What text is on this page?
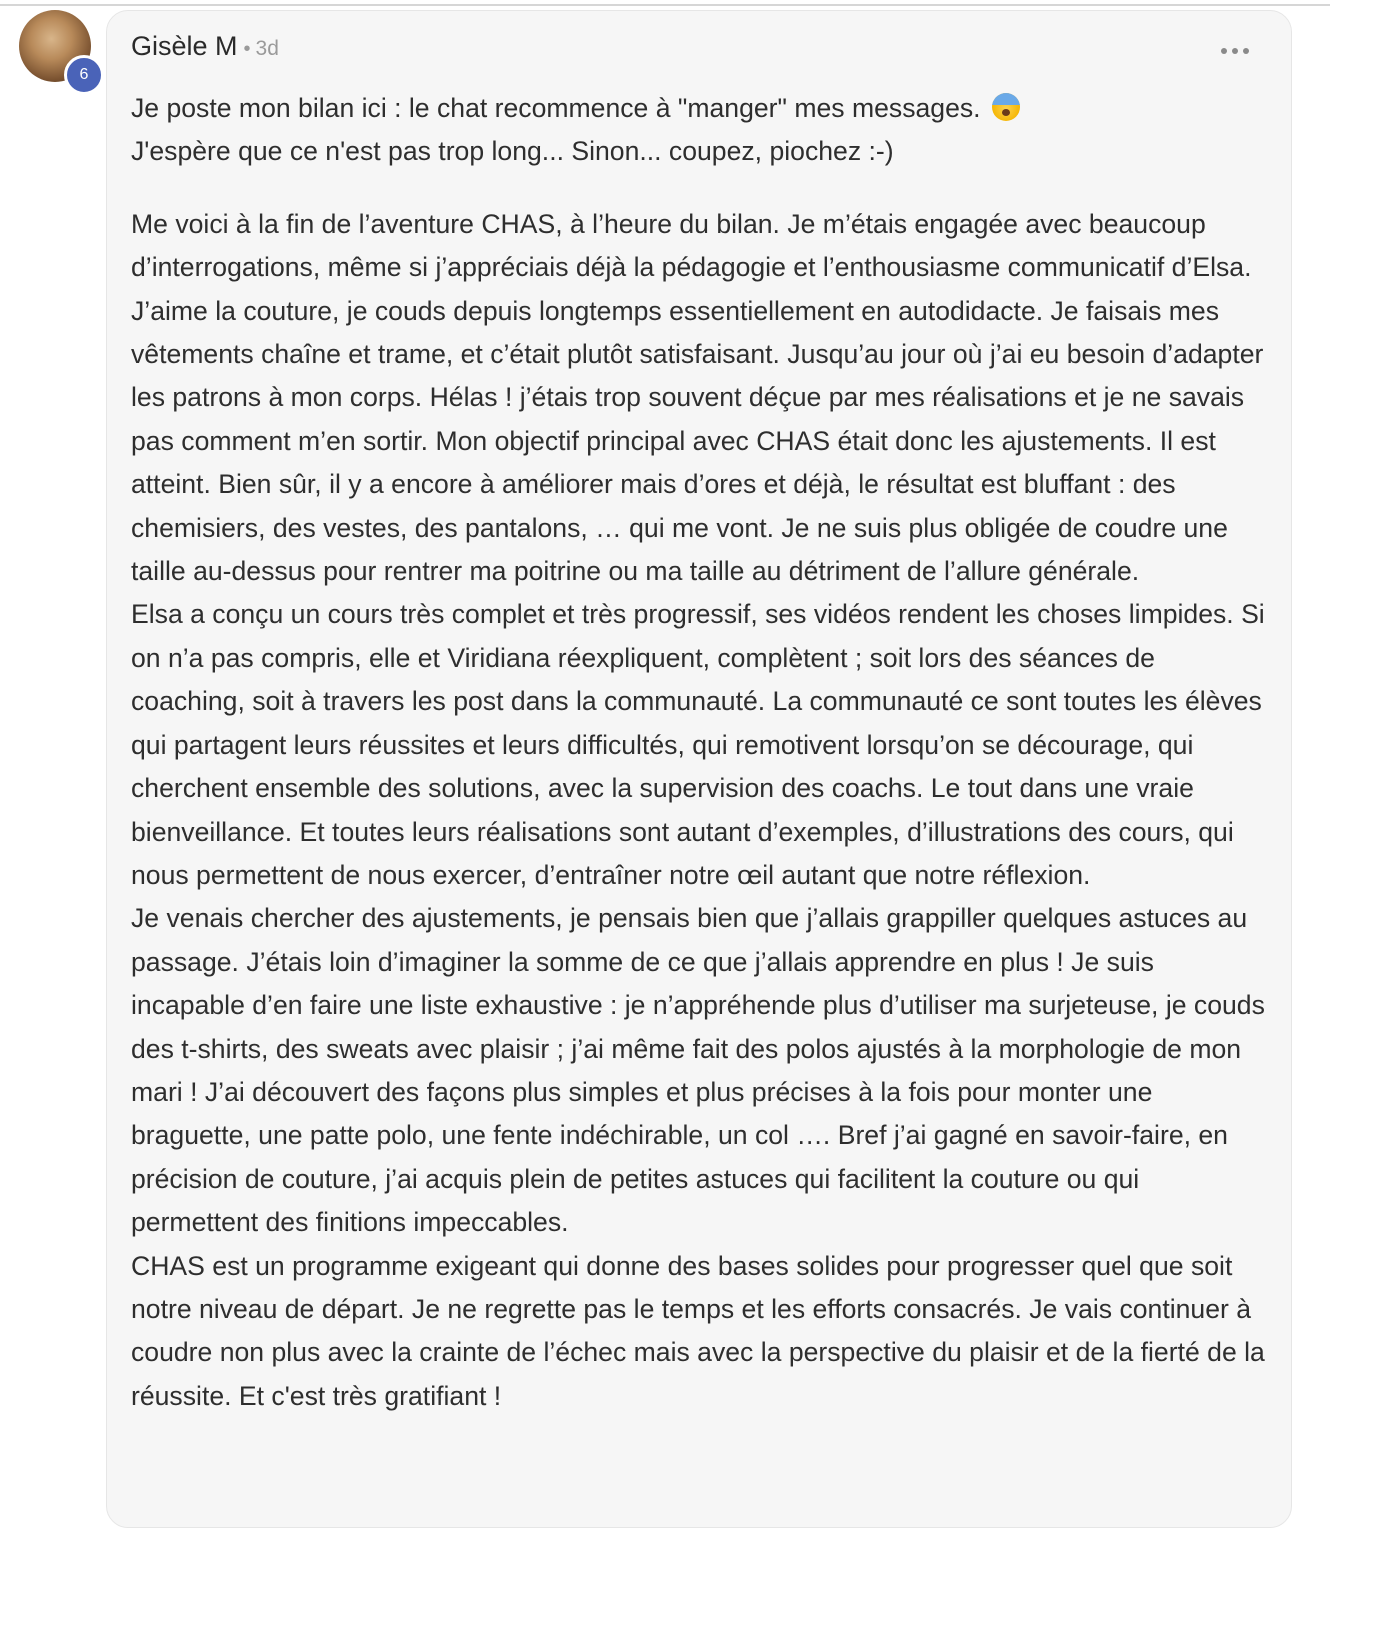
6
Gisèle M • 3d

Je poste mon bilan ici : le chat recommence à "manger" mes messages.

J'espère que ce n'est pas trop long... Sinon... coupez, piochez :-)

Me voici à la fin de l’aventure CHAS, à l’heure du bilan. Je m’étais engagée avec beaucoup d’interrogations, même si j’appréciais déjà la pédagogie et l’enthousiasme communicatif d’Elsa. J’aime la couture, je couds depuis longtemps essentiellement en autodidacte. Je faisais mes vêtements chaîne et trame, et c’était plutôt satisfaisant. Jusqu’au jour où j’ai eu besoin d’adapter les patrons à mon corps. Hélas ! j’étais trop souvent déçue par mes réalisations et je ne savais pas comment m’en sortir. Mon objectif principal avec CHAS était donc les ajustements. Il est atteint. Bien sûr, il y a encore à améliorer mais d’ores et déjà, le résultat est bluffant : des chemisiers, des vestes, des pantalons, … qui me vont. Je ne suis plus obligée de coudre une taille au-dessus pour rentrer ma poitrine ou ma taille au détriment de l’allure générale.

Elsa a conçu un cours très complet et très progressif, ses vidéos rendent les choses limpides. Si on n’a pas compris, elle et Viridiana réexpliquent, complètent ; soit lors des séances de coaching, soit à travers les post dans la communauté. La communauté ce sont toutes les élèves qui partagent leurs réussites et leurs difficultés, qui remotivent lorsqu’on se décourage, qui cherchent ensemble des solutions, avec la supervision des coachs. Le tout dans une vraie bienveillance. Et toutes leurs réalisations sont autant d’exemples, d’illustrations des cours, qui nous permettent de nous exercer, d’entraîner notre œil autant que notre réflexion.

Je venais chercher des ajustements, je pensais bien que j’allais grappiller quelques astuces au passage. J’étais loin d’imaginer la somme de ce que j’allais apprendre en plus ! Je suis incapable d’en faire une liste exhaustive : je n’appréhende plus d’utiliser ma surjeteuse, je couds des t-shirts, des sweats avec plaisir ; j’ai même fait des polos ajustés à la morphologie de mon mari ! J’ai découvert des façons plus simples et plus précises à la fois pour monter une braguette, une patte polo, une fente indéchirable, un col …. Bref j’ai gagné en savoir-faire, en précision de couture, j’ai acquis plein de petites astuces qui facilitent la couture ou qui permettent des finitions impeccables.

CHAS est un programme exigeant qui donne des bases solides pour progresser quel que soit notre niveau de départ. Je ne regrette pas le temps et les efforts consacrés. Je vais continuer à coudre non plus avec la crainte de l’échec mais avec la perspective du plaisir et de la fierté de la réussite. Et c'est très gratifiant !
